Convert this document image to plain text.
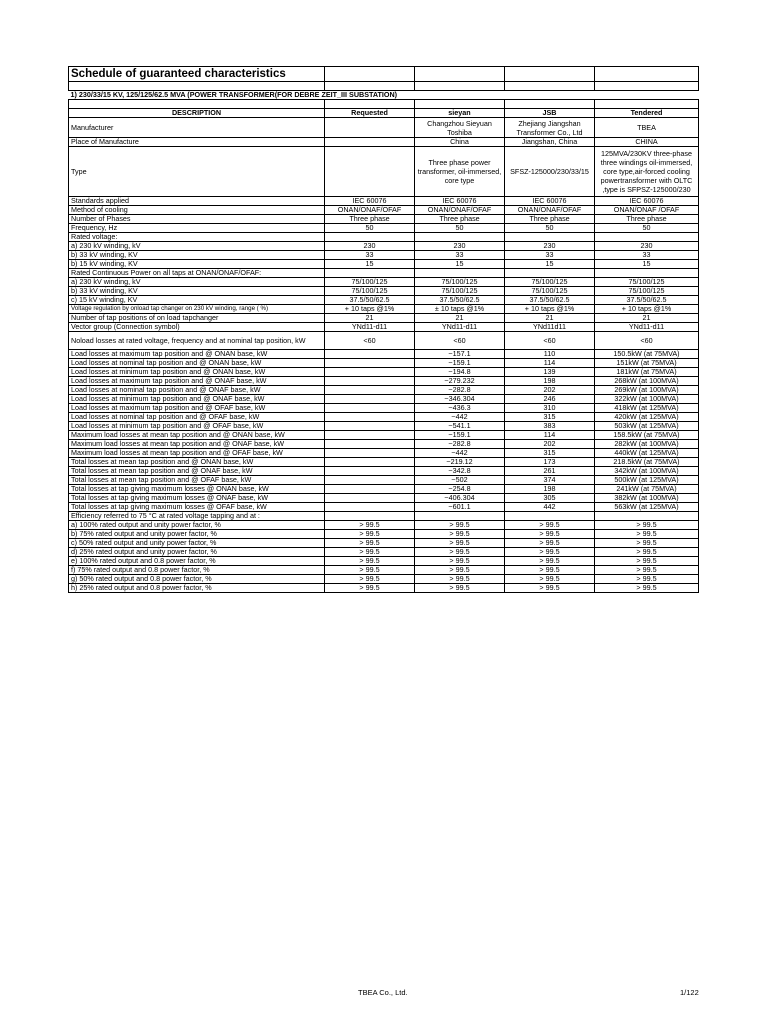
Schedule of guaranteed characteristics				

1) 230/33/15 KV, 125/125/62.5 MVA (POWER TRANSFORMER(FOR DEBRE ZEIT_III SUBSTATION)				

DESCRIPTION	Requested	sieyan	JSB	Tendered
Manufacturer		Changzhou Sieyuan Toshiba	Zhejiang Jiangshan Transformer Co., Ltd	TBEA
Place of Manufacture		China	Jiangshan, China	CHINA
Type		Three phase power transformer, oil-immersed, core type	SFSZ-125000/230/33/15	125MVA/230KV three-phase three windings oil-immersed, core type,air-forced cooling powertransformer with OLTC ,type is SFPSZ-125000/230
Standards applied	IEC 60076	IEC 60076	IEC 60076	IEC 60076
Method of cooling	ONAN/ONAF/OFAF	ONAN/ONAF/OFAF	ONAN/ONAF/OFAF	ONAN/ONAF /OFAF
Number of Phases	Three phase	Three phase	Three phase	Three phase
Frequency, Hz	50	50	50	50
Rated voltage:				
a) 230 kV winding, kV	230	230	230	230
b) 33 kV winding, KV	33	33	33	33
b) 15 kV winding, KV	15	15	15	15
Rated Continuous Power on all taps at ONAN/ONAF/OFAF:				
a) 230 kV winding, kV	75/100/125	75/100/125	75/100/125	75/100/125
b) 33 kV winding, KV	75/100/125	75/100/125	75/100/125	75/100/125
c) 15 kV winding, KV	37.5/50/62.5	37.5/50/62.5	37.5/50/62.5	37.5/50/62.5
Voltage regulation by onload tap changer on 230 kV winding, range ( %)	+ 10 taps @1%	± 10 taps @1%	+ 10 taps @1%	+ 10 taps @1%
Number of tap positions of on load tapchanger	21	21	21	21
Vector group (Connection symbol)	YNd11-d11	YNd11-d11	YNd11d11	YNd11-d11
Noload losses at rated voltage, frequency and at nominal tap position, kW	<60	<60	<60	<60
Load losses at maximum tap position and @ ONAN base, kW		~157.1	110	150.5kW (at 75MVA)
Load losses at nominal tap position and @ ONAN base, kW		~159.1	114	151kW (at 75MVA)
Load losses at minimum tap position and @ ONAN base, kW		~194.8	139	181kW (at 75MVA)
Load losses at maximum tap position and @ ONAF base, kW		~279.232	198	268kW (at 100MVA)
Load losses at nominal tap position and @ ONAF base, kW		~282.8	202	269kW (at 100MVA)
Load losses at minimum tap position and @ ONAF base, kW		~346.304	246	322kW (at 100MVA)
Load losses at maximum tap position and @ OFAF base, kW		~436.3	310	418kW (at 125MVA)
Load losses at nominal tap position and @ OFAF base, kW		~442	315	420kW (at 125MVA)
Load losses at minimum tap position and @ OFAF base, kW		~541.1	383	503kW (at 125MVA)
Maximum load losses at mean tap position and @ ONAN base, kW		~159.1	114	158.5kW (at 75MVA)
Maximum load losses at mean tap position and @ ONAF base, kW		~282.8	202	282kW (at 100MVA)
Maximum load losses at mean tap position and @ OFAF base, kW		~442	315	440kW (at 125MVA)
Total losses at mean tap position and @ ONAN base, kW		~219.12	173	218.5kW (at 75MVA)
Total losses at mean tap position and @ ONAF base, kW		~342.8	261	342kW (at 100MVA)
Total losses at mean tap position and @ OFAF base, kW		~502	374	500kW (at 125MVA)
Total losses at tap giving maximum losses @ ONAN base, kW		~254.8	198	241kW (at 75MVA)
Total losses at tap giving maximum losses @ ONAF base, kW		~406.304	305	382kW (at 100MVA)
Total losses at tap giving maximum losses @ OFAF base, kW		~601.1	442	563kW (at 125MVA)
Efficiency referred to 75 °C at rated voltage tapping and at :				
a) 100% rated output and unity power factor, %	> 99.5	> 99.5	> 99.5	> 99.5
b) 75% rated output and unity power factor, %	> 99.5	> 99.5	> 99.5	> 99.5
c) 50% rated output and unity power factor, %	> 99.5	> 99.5	> 99.5	> 99.5
d) 25% rated output and unity power factor, %	> 99.5	> 99.5	> 99.5	> 99.5
e) 100% rated output and 0.8 power factor, %	> 99.5	> 99.5	> 99.5	> 99.5
f) 75% rated output and 0.8 power factor, %	> 99.5	> 99.5	> 99.5	> 99.5
g) 50% rated output and 0.8 power factor, %	> 99.5	> 99.5	> 99.5	> 99.5
h) 25% rated output and 0.8 power factor, %	> 99.5	> 99.5	> 99.5	> 99.5
TBEA Co., Ltd.	1/122
